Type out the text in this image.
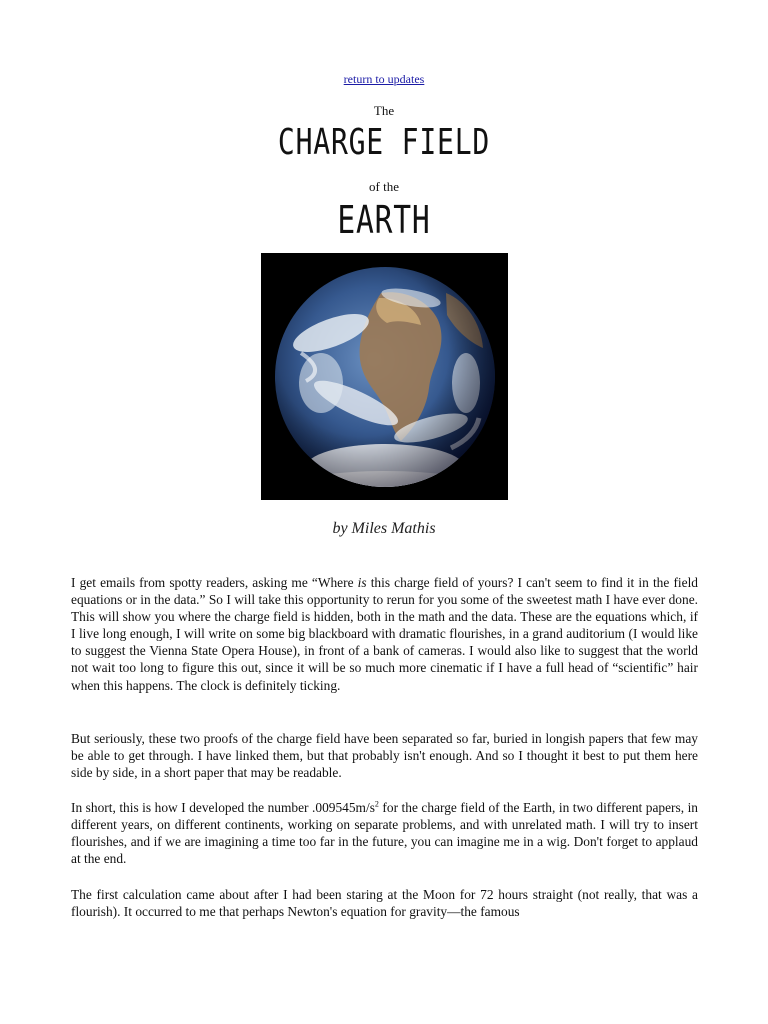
return to updates
The
CHARGE FIELD
of the
EARTH
by Miles Mathis

I get emails from spotty readers, asking me “Where is this charge field of yours? I can't seem to find it in the field equations or in the data.” So I will take this opportunity to rerun for you some of the sweetest math I have ever done. This will show you where the charge field is hidden, both in the math and the data. These are the equations which, if I live long enough, I will write on some big blackboard with dramatic flourishes, in a grand auditorium (I would like to suggest the Vienna State Opera House), in front of a bank of cameras. I would also like to suggest that the world not wait too long to figure this out, since it will be so much more cinematic if I have a full head of “scientific” hair when this happens. The clock is definitely ticking.

But seriously, these two proofs of the charge field have been separated so far, buried in longish papers that few may be able to get through. I have linked them, but that probably isn't enough. And so I thought it best to put them here side by side, in a short paper that may be readable.

In short, this is how I developed the number $.009545m/s^2$ for the charge field of the Earth, in two different papers, in different years, on different continents, working on separate problems, and with unrelated math. I will try to insert flourishes, and if we are imagining a time too far in the future, you can imagine me in a wig. Don't forget to applaud at the end.

The first calculation came about after I had been staring at the Moon for 72 hours straight (not really, that was a flourish). It occurred to me that perhaps Newton's equation for gravity—the famous
